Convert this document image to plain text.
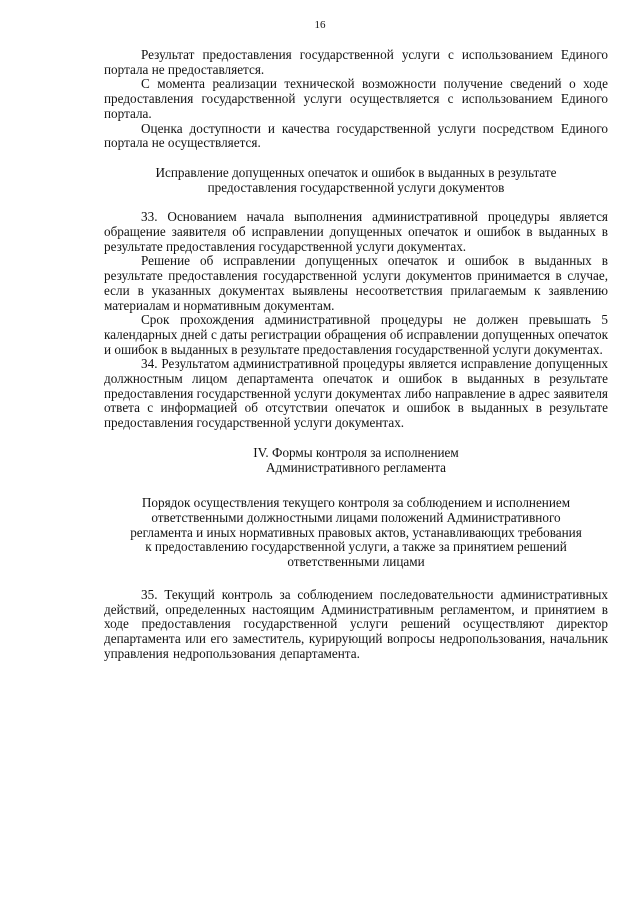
16

Результат предоставления государственной услуги с использованием Единого портала не предоставляется.

С момента реализации технической возможности получение сведений о ходе предоставления государственной услуги осуществляется с использованием Единого портала.

Оценка доступности и качества государственной услуги посредством Единого портала не осуществляется.

Исправление допущенных опечаток и ошибок в выданных в результате
предоставления государственной услуги документов

33. Основанием начала выполнения административной процедуры является обращение заявителя об исправлении допущенных опечаток и ошибок в выданных в результате предоставления государственной услуги документах.

Решение об исправлении допущенных опечаток и ошибок в выданных в результате предоставления государственной услуги документов принимается в случае, если в указанных документах выявлены несоответствия прилагаемым к заявлению материалам и нормативным документам.

Срок прохождения административной процедуры не должен превышать 5 календарных дней с даты регистрации обращения об исправлении допущенных опечаток и ошибок в выданных в результате предоставления государственной услуги документах.

34. Результатом административной процедуры является исправление допущенных должностным лицом департамента опечаток и ошибок в выданных в результате предоставления государственной услуги документах либо направление в адрес заявителя ответа с информацией об отсутствии опечаток и ошибок в выданных в результате предоставления государственной услуги документах.

IV. Формы контроля за исполнением
Административного регламента
Порядок осуществления текущего контроля за соблюдением и исполнением
ответственными должностными лицами положений Административного
регламента и иных нормативных правовых актов, устанавливающих требования
к предоставлению государственной услуги, а также за принятием решений
ответственными лицами

35. Текущий контроль за соблюдением последовательности административных действий, определенных настоящим Административным регламентом, и принятием в ходе предоставления государственной услуги решений осуществляют директор департамента или его заместитель, курирующий вопросы недропользования, начальник управления недропользования департамента.
